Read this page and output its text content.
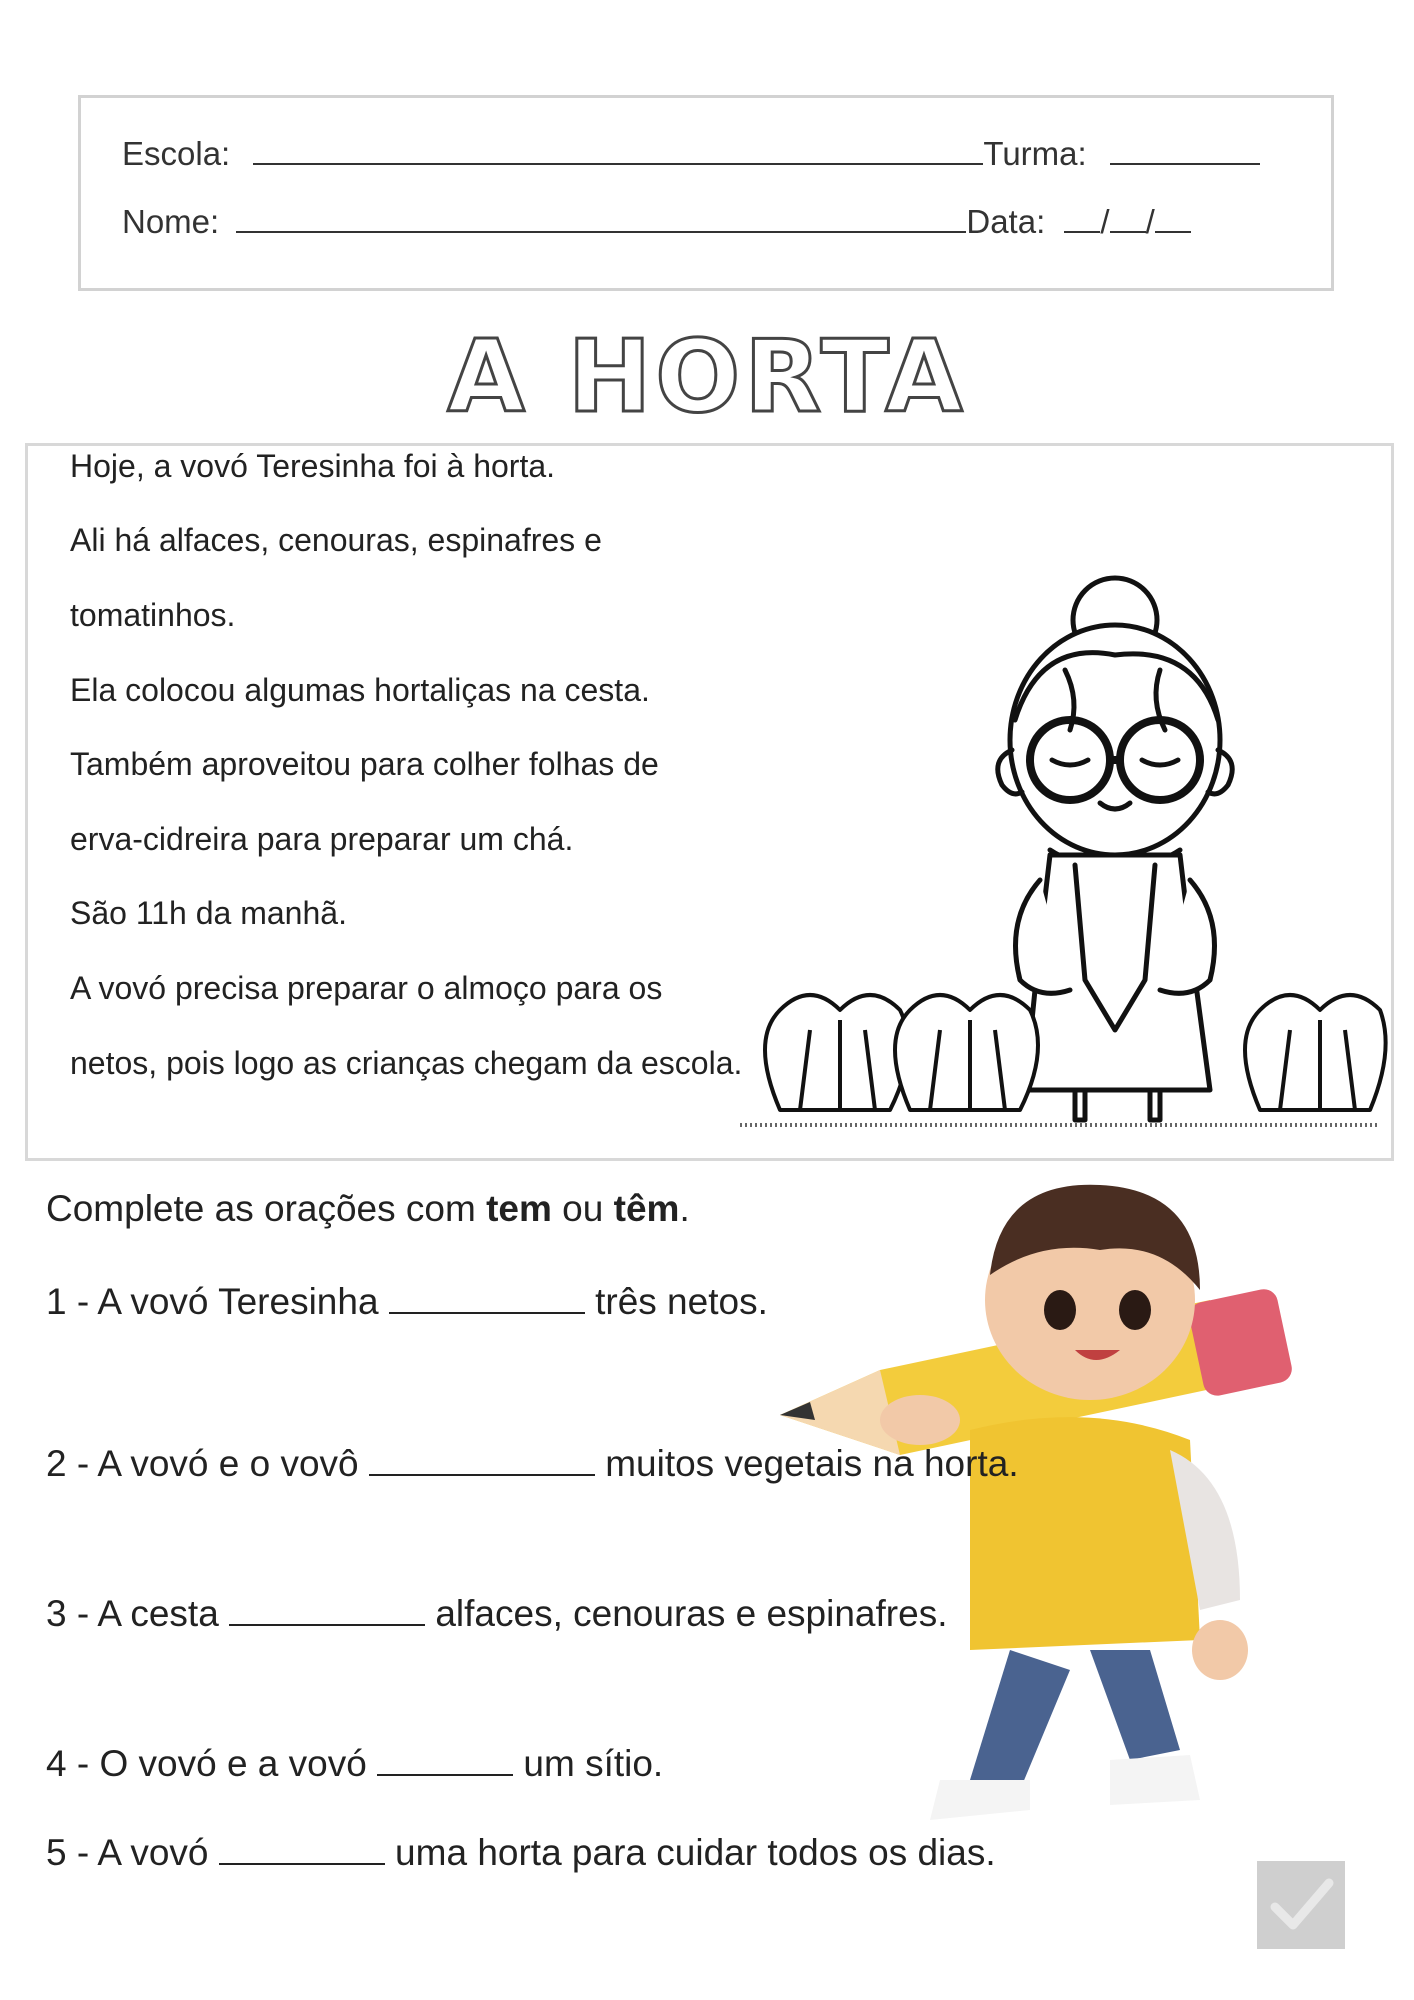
Escola:	Turma:
Nome:	Data: / /
A HORTA
Hoje, a vovó Teresinha foi à horta.
Ali há alfaces, cenouras, espinafres e
tomatinhos.
Ela colocou algumas hortaliças na cesta.
Também aproveitou para colher folhas de
erva-cidreira para preparar um chá.
São 11h da manhã.
A vovó precisa preparar o almoço para os
netos, pois logo as crianças chegam da escola.
Complete as orações com tem ou têm.
1 - A vovó Teresinha	três netos.
2 - A vovó e o vovô	muitos vegetais na horta.
3 - A cesta	alfaces, cenouras e espinafres.
4 - O vovó e a vovó	um sítio.
5 - A vovó	uma horta para cuidar todos os dias.
